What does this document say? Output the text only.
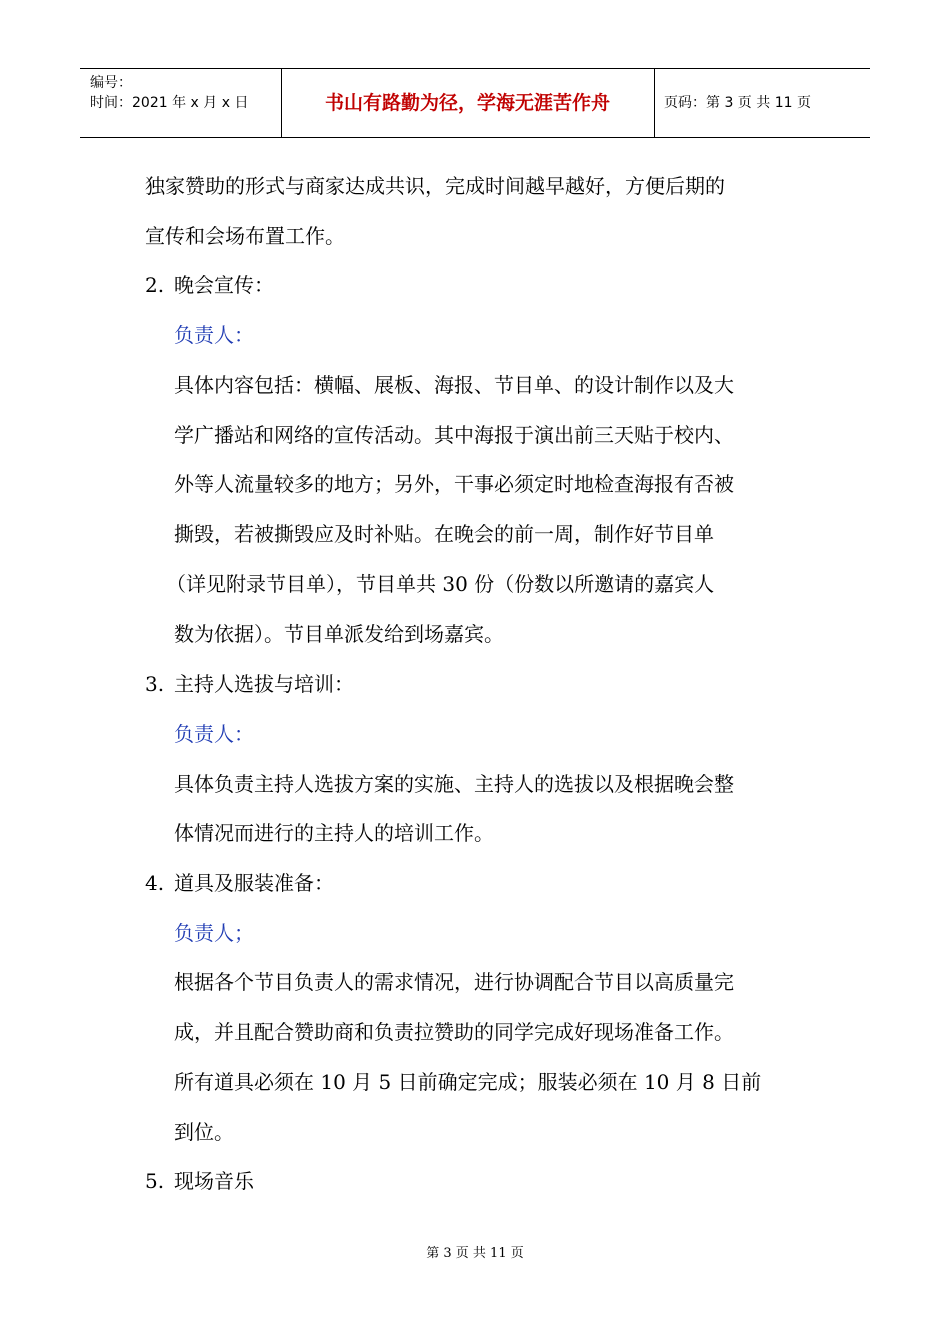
编号：
时间：2021 年 x 月 x 日	书山有路勤为径，学海无涯苦作舟	页码：第 3 页 共 11 页
独家赞助的形式与商家达成共识，完成时间越早越好，方便后期的
宣传和会场布置工作。
2. 晚会宣传：
负责人：
具体内容包括：横幅、展板、海报、节目单、的设计制作以及大
学广播站和网络的宣传活动。其中海报于演出前三天贴于校内、
外等人流量较多的地方；另外，干事必须定时地检查海报有否被
撕毁，若被撕毁应及时补贴。在晚会的前一周，制作好节目单
（详见附录节目单），节目单共 30 份（份数以所邀请的嘉宾人
数为依据）。节目单派发给到场嘉宾。
3. 主持人选拔与培训：
负责人：
具体负责主持人选拔方案的实施、主持人的选拔以及根据晚会整
体情况而进行的主持人的培训工作。
4. 道具及服装准备：
负责人；
根据各个节目负责人的需求情况，进行协调配合节目以高质量完
成，并且配合赞助商和负责拉赞助的同学完成好现场准备工作。
所有道具必须在 10 月 5 日前确定完成；服装必须在 10 月 8 日前
到位。
5. 现场音乐
第 3 页 共 11 页
